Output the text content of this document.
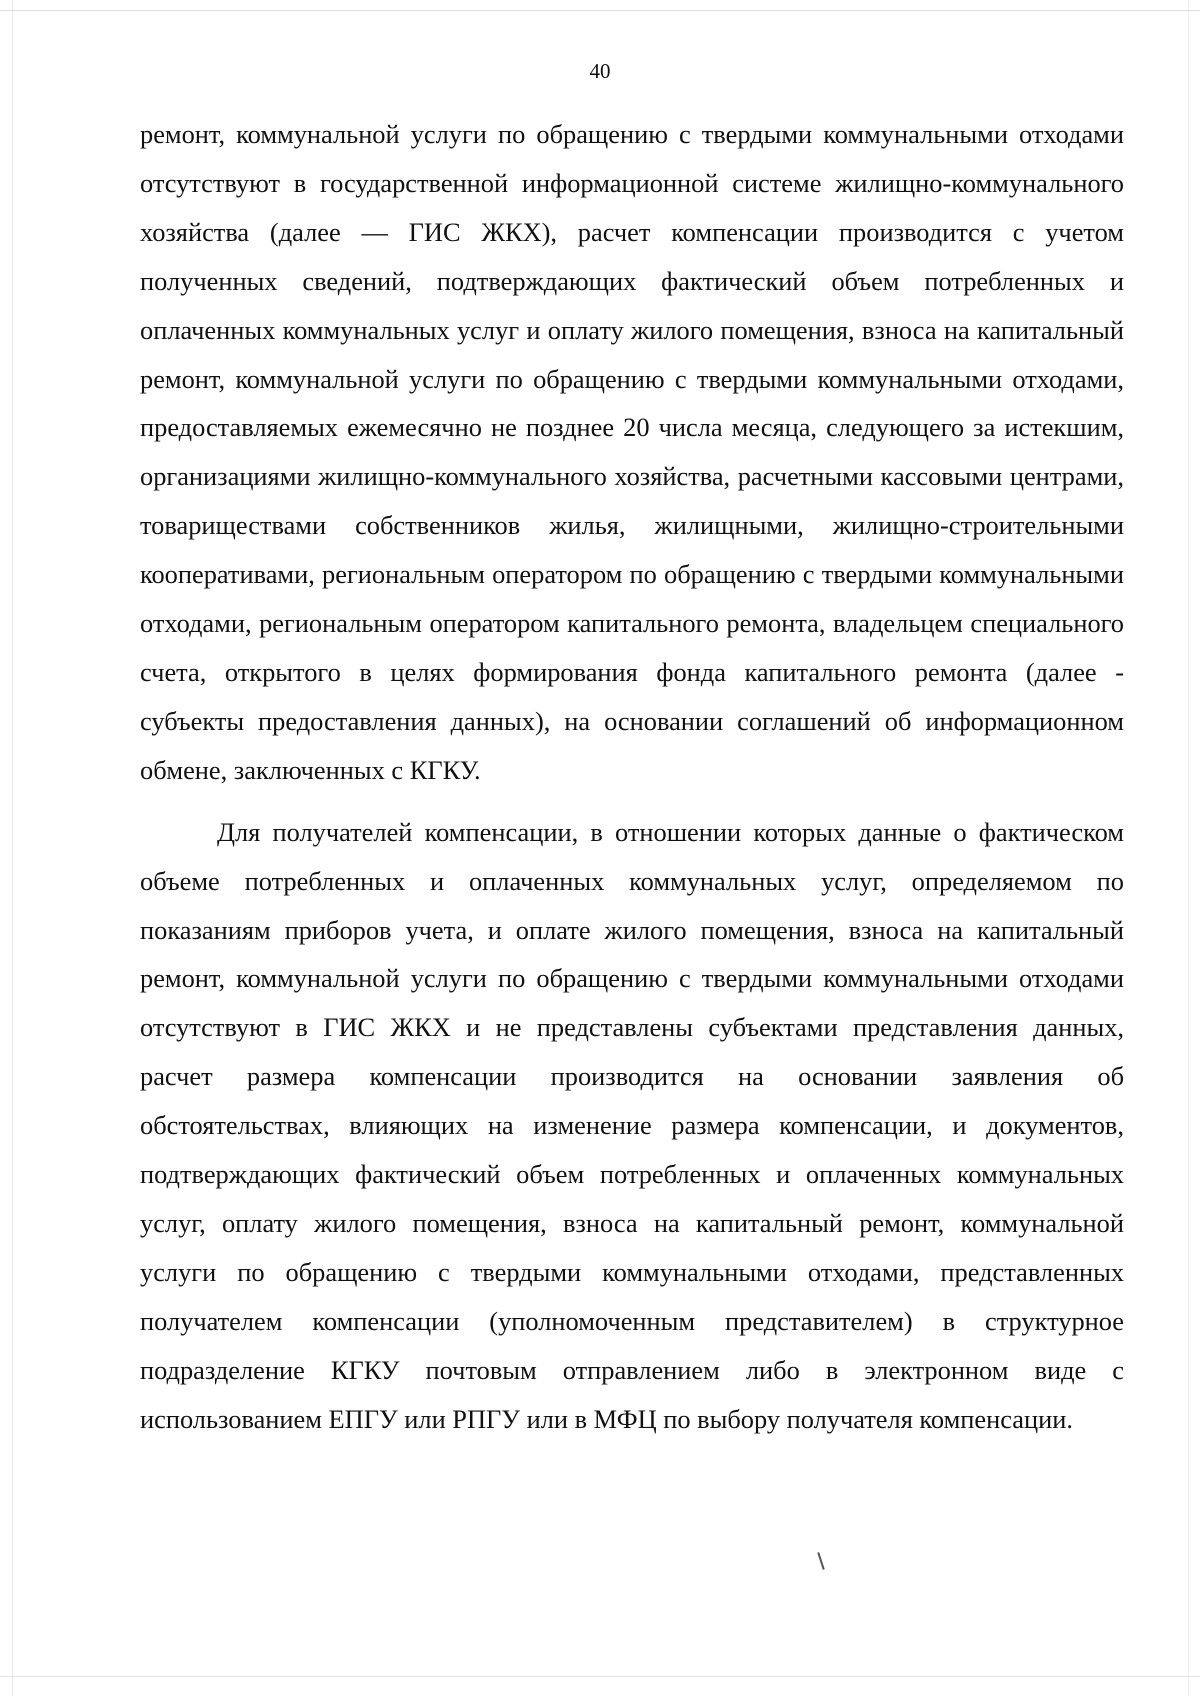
40

ремонт, коммунальной услуги по обращению с твердыми коммунальными отходами отсутствуют в государственной информационной системе жилищно-коммунального хозяйства (далее — ГИС ЖКХ), расчет компенсации производится с учетом полученных сведений, подтверждающих фактический объем потребленных и оплаченных коммунальных услуг и оплату жилого помещения, взноса на капитальный ремонт, коммунальной услуги по обращению с твердыми коммунальными отходами, предоставляемых ежемесячно не позднее 20 числа месяца, следующего за истекшим, организациями жилищно-коммунального хозяйства, расчетными кассовыми центрами, товариществами собственников жилья, жилищными, жилищно-строительными кооперативами, региональным оператором по обращению с твердыми коммунальными отходами, региональным оператором капитального ремонта, владельцем специального счета, открытого в целях формирования фонда капитального ремонта (далее - субъекты предоставления данных), на основании соглашений об информационном обмене, заключенных с КГКУ.

Для получателей компенсации, в отношении которых данные о фактическом объеме потребленных и оплаченных коммунальных услуг, определяемом по показаниям приборов учета, и оплате жилого помещения, взноса на капитальный ремонт, коммунальной услуги по обращению с твердыми коммунальными отходами отсутствуют в ГИС ЖКХ и не представлены субъектами представления данных, расчет размера компенсации производится на основании заявления об обстоятельствах, влияющих на изменение размера компенсации, и документов, подтверждающих фактический объем потребленных и оплаченных коммунальных услуг, оплату жилого помещения, взноса на капитальный ремонт, коммунальной услуги по обращению с твердыми коммунальными отходами, представленных получателем компенсации (уполномоченным представителем) в структурное подразделение КГКУ почтовым отправлением либо в электронном виде с использованием ЕПГУ или РПГУ или в МФЦ по выбору получателя компенсации.
